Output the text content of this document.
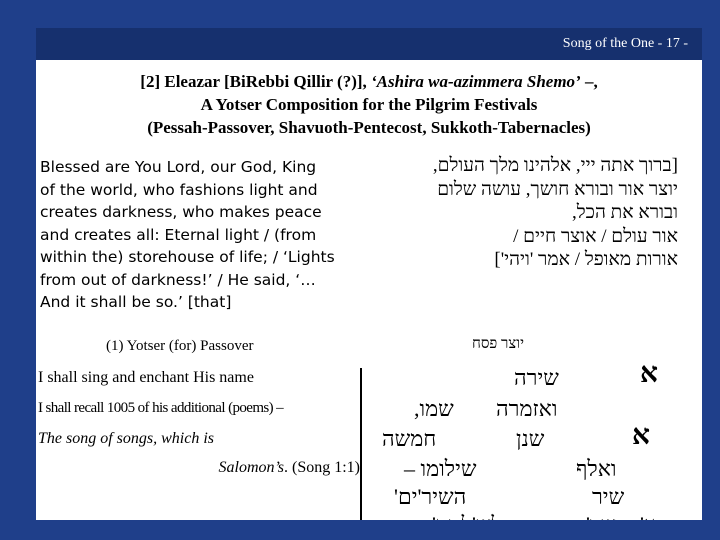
Song of the One - 17 -
[2] Eleazar [BiRebbi Qillir (?)], ‘Ashira wa-azimmera Shemo’ –,
A Yotser Composition for the Pilgrim Festivals
(Pessah-Passover, Shavuoth-Pentecost, Sukkoth-Tabernacles)
Blessed are You Lord, our God, King
of the world, who fashions light and
creates darkness, who makes peace
and creates all: Eternal light / (from
within the) storehouse of life; / ‘Lights
from out of darkness!’ / He said, ‘…
And it shall be so.’ [that]
[ברוך אתה ייי, אלהינו מלך העולם,
יוצר אור ובורא חושך, עושה שלום
ובורא את הכל,
אור עולם / אוצר חיים /
אורות מאופל / אמר 'ויהי']
(1) Yotser (for) Passover	יוצר פסח
I shall sing and enchant His name
I shall recall 1005 of his additional (poems) –
The song of songs, which is
Salomon’s. (Song 1:1)
א
שירה
ואזמרה
שמו,
א
שנן
חמשה
ואלף
שילומו –
שיר
השיר'ים'
